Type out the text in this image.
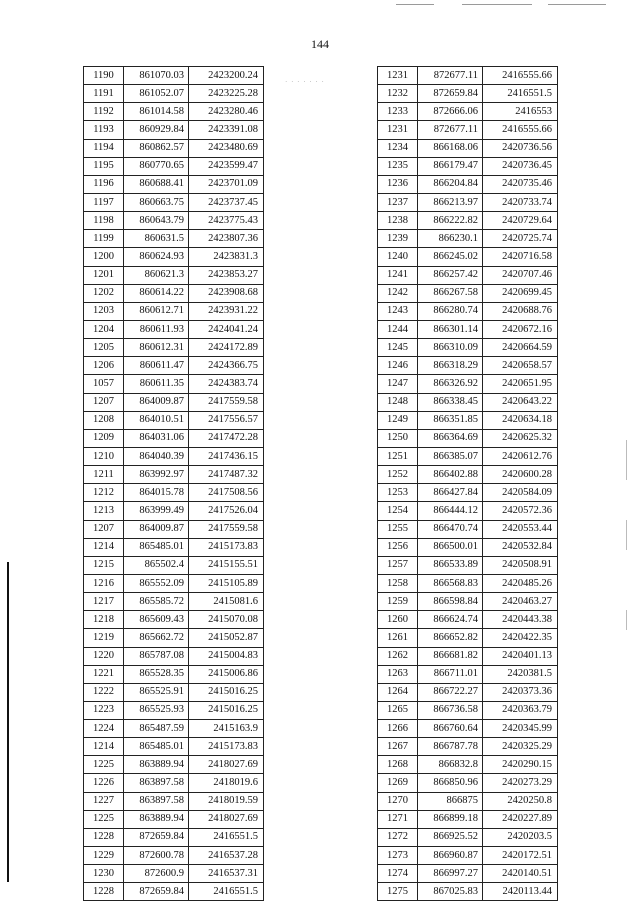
144
· · · · · · ·
1190	861070.03	2423200.24
1191	861052.07	2423225.28
1192	861014.58	2423280.46
1193	860929.84	2423391.08
1194	860862.57	2423480.69
1195	860770.65	2423599.47
1196	860688.41	2423701.09
1197	860663.75	2423737.45
1198	860643.79	2423775.43
1199	860631.5	2423807.36
1200	860624.93	2423831.3
1201	860621.3	2423853.27
1202	860614.22	2423908.68
1203	860612.71	2423931.22
1204	860611.93	2424041.24
1205	860612.31	2424172.89
1206	860611.47	2424366.75
1057	860611.35	2424383.74
1207	864009.87	2417559.58
1208	864010.51	2417556.57
1209	864031.06	2417472.28
1210	864040.39	2417436.15
1211	863992.97	2417487.32
1212	864015.78	2417508.56
1213	863999.49	2417526.04
1207	864009.87	2417559.58
1214	865485.01	2415173.83
1215	865502.4	2415155.51
1216	865552.09	2415105.89
1217	865585.72	2415081.6
1218	865609.43	2415070.08
1219	865662.72	2415052.87
1220	865787.08	2415004.83
1221	865528.35	2415006.86
1222	865525.91	2415016.25
1223	865525.93	2415016.25
1224	865487.59	2415163.9
1214	865485.01	2415173.83
1225	863889.94	2418027.69
1226	863897.58	2418019.6
1227	863897.58	2418019.59
1225	863889.94	2418027.69
1228	872659.84	2416551.5
1229	872600.78	2416537.28
1230	872600.9	2416537.31
1228	872659.84	2416551.5
1231	872677.11	2416555.66
1232	872659.84	2416551.5
1233	872666.06	2416553
1231	872677.11	2416555.66
1234	866168.06	2420736.56
1235	866179.47	2420736.45
1236	866204.84	2420735.46
1237	866213.97	2420733.74
1238	866222.82	2420729.64
1239	866230.1	2420725.74
1240	866245.02	2420716.58
1241	866257.42	2420707.46
1242	866267.58	2420699.45
1243	866280.74	2420688.76
1244	866301.14	2420672.16
1245	866310.09	2420664.59
1246	866318.29	2420658.57
1247	866326.92	2420651.95
1248	866338.45	2420643.22
1249	866351.85	2420634.18
1250	866364.69	2420625.32
1251	866385.07	2420612.76
1252	866402.88	2420600.28
1253	866427.84	2420584.09
1254	866444.12	2420572.36
1255	866470.74	2420553.44
1256	866500.01	2420532.84
1257	866533.89	2420508.91
1258	866568.83	2420485.26
1259	866598.84	2420463.27
1260	866624.74	2420443.38
1261	866652.82	2420422.35
1262	866681.82	2420401.13
1263	866711.01	2420381.5
1264	866722.27	2420373.36
1265	866736.58	2420363.79
1266	866760.64	2420345.99
1267	866787.78	2420325.29
1268	866832.8	2420290.15
1269	866850.96	2420273.29
1270	866875	2420250.8
1271	866899.18	2420227.89
1272	866925.52	2420203.5
1273	866960.87	2420172.51
1274	866997.27	2420140.51
1275	867025.83	2420113.44
